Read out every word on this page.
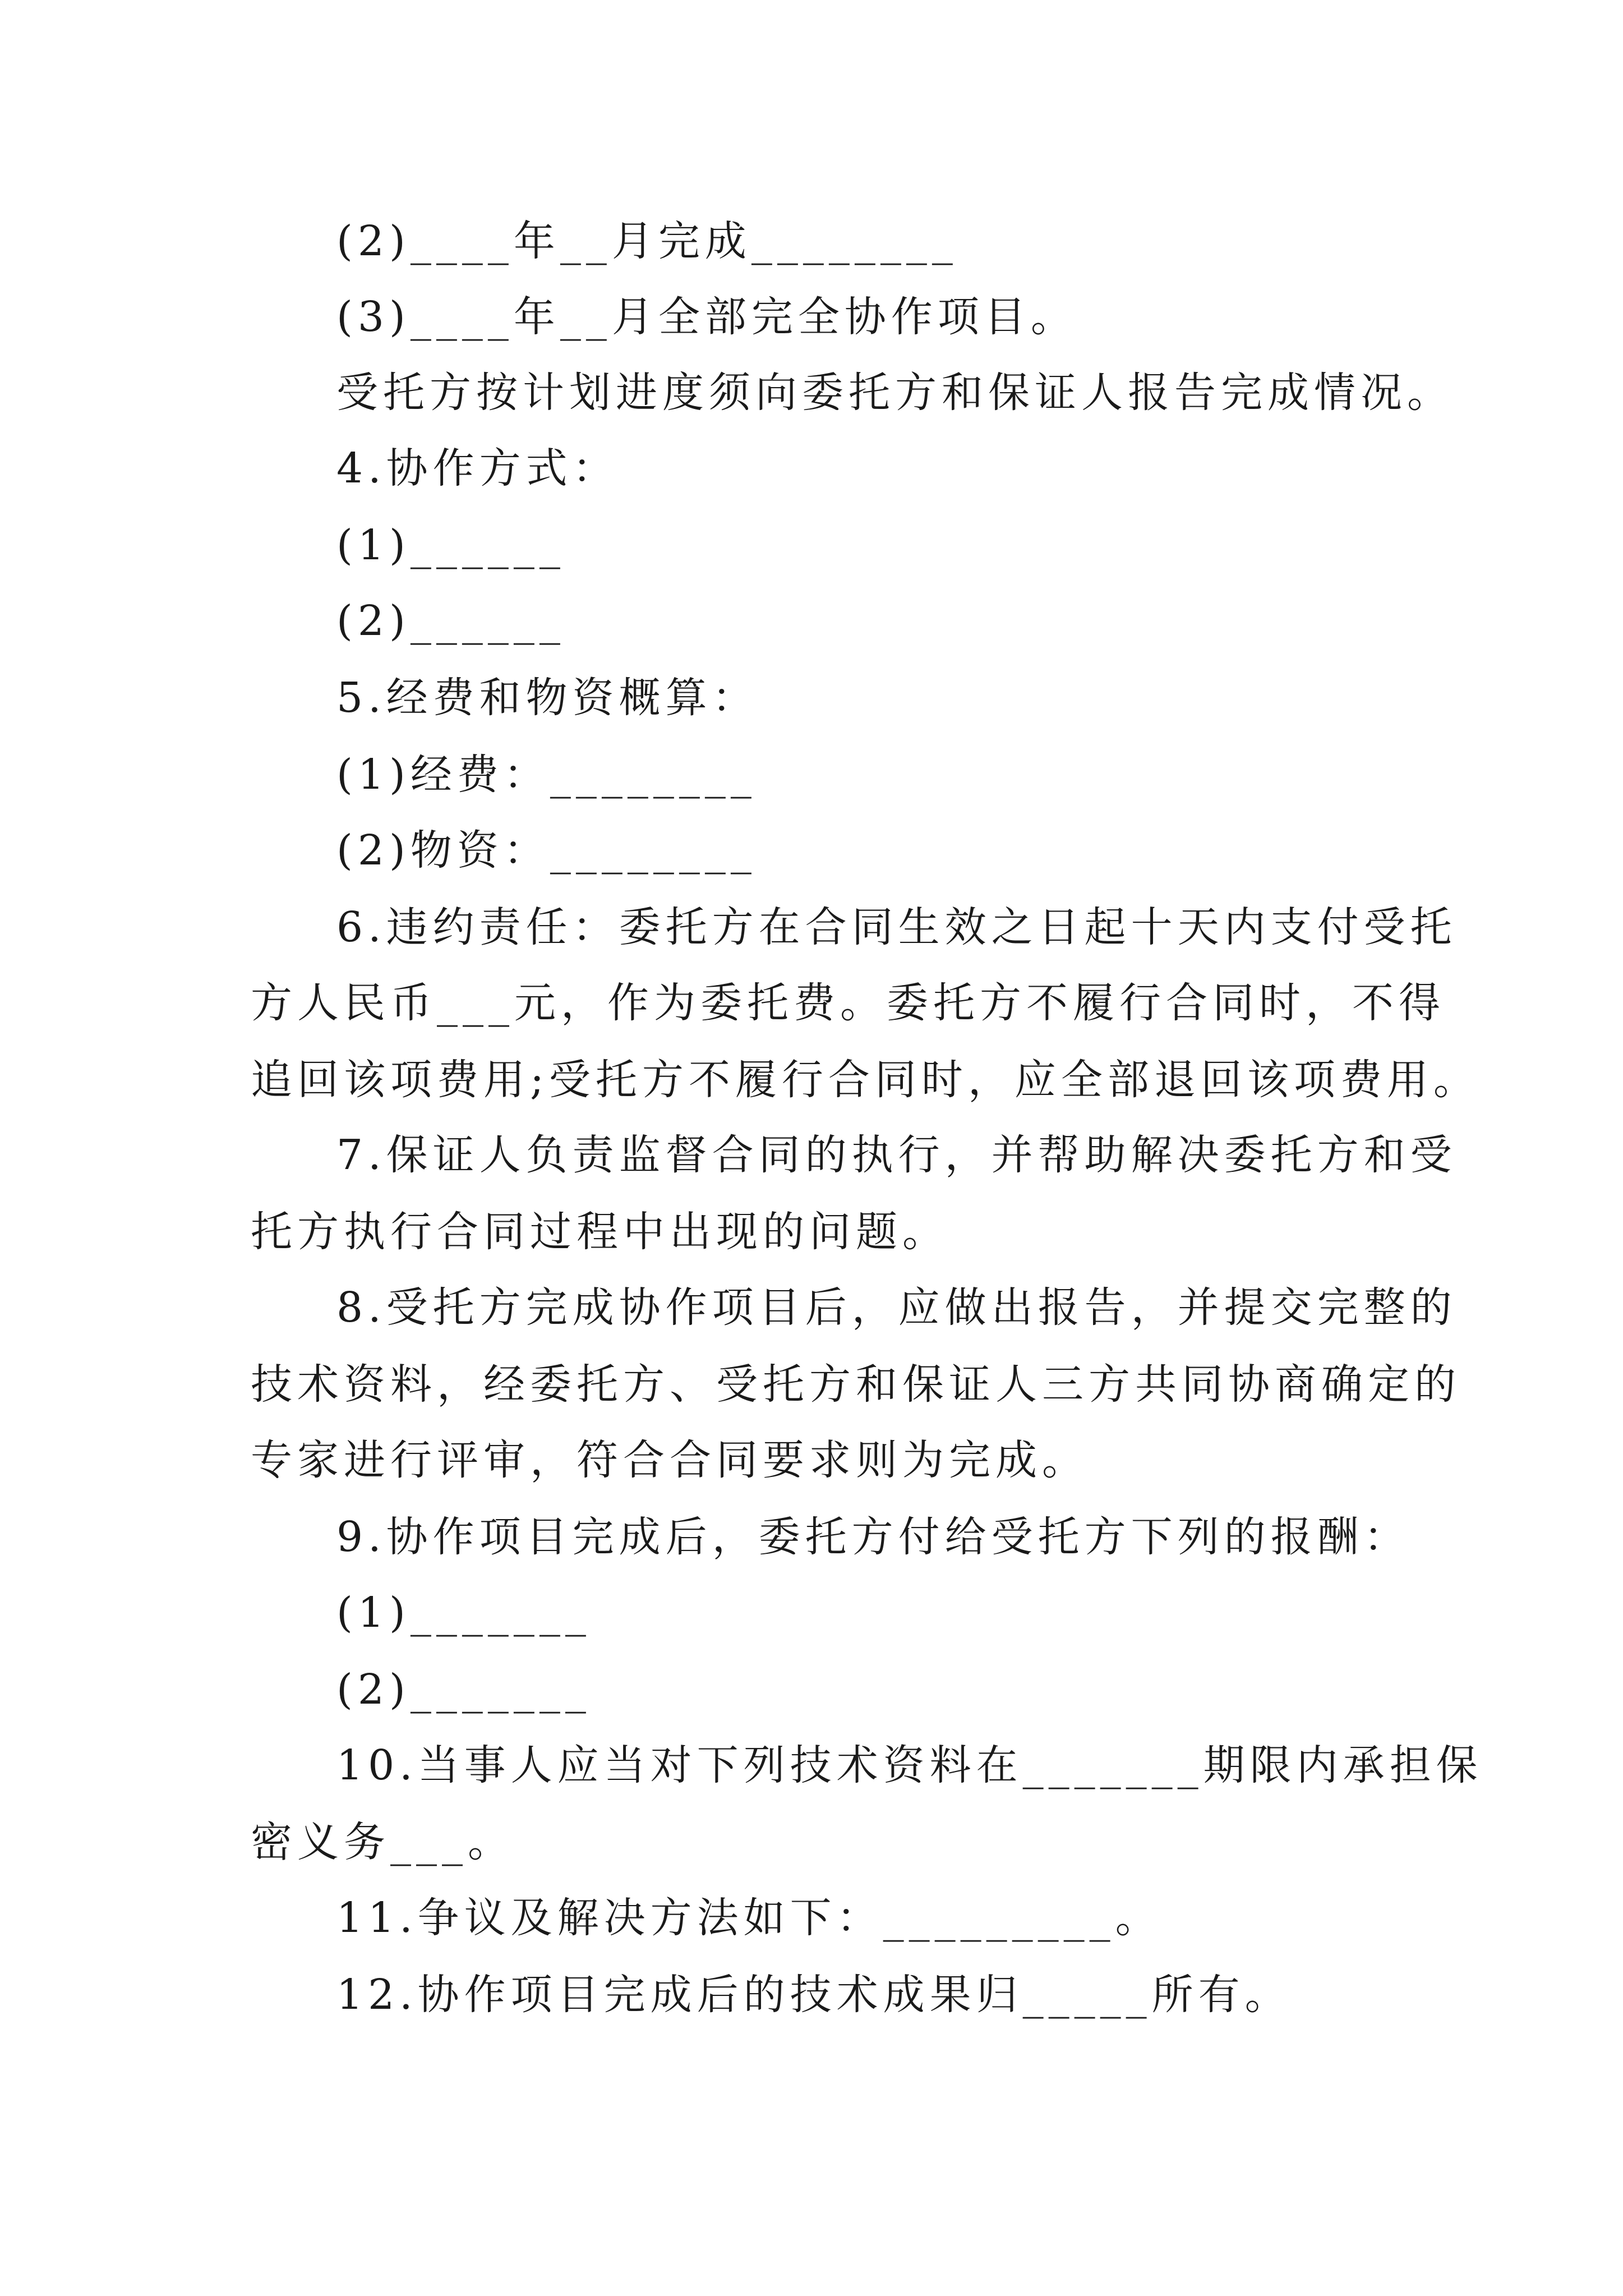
(2)____年__月完成________
(3)____年__月全部完全协作项目。
受托方按计划进度须向委托方和保证人报告完成情况。
4.协作方式：
(1)______
(2)______
5.经费和物资概算：
(1)经费：________
(2)物资：________
6.违约责任：委托方在合同生效之日起十天内支付受托
方人民币___元，作为委托费。委托方不履行合同时，不得
追回该项费用;受托方不履行合同时，应全部退回该项费用。
7.保证人负责监督合同的执行，并帮助解决委托方和受
托方执行合同过程中出现的问题。
8.受托方完成协作项目后，应做出报告，并提交完整的
技术资料，经委托方、受托方和保证人三方共同协商确定的
专家进行评审，符合合同要求则为完成。
9.协作项目完成后，委托方付给受托方下列的报酬：
(1)_______
(2)_______
10.当事人应当对下列技术资料在_______期限内承担保
密义务___。
11.争议及解决方法如下：_________。
12.协作项目完成后的技术成果归_____所有。
